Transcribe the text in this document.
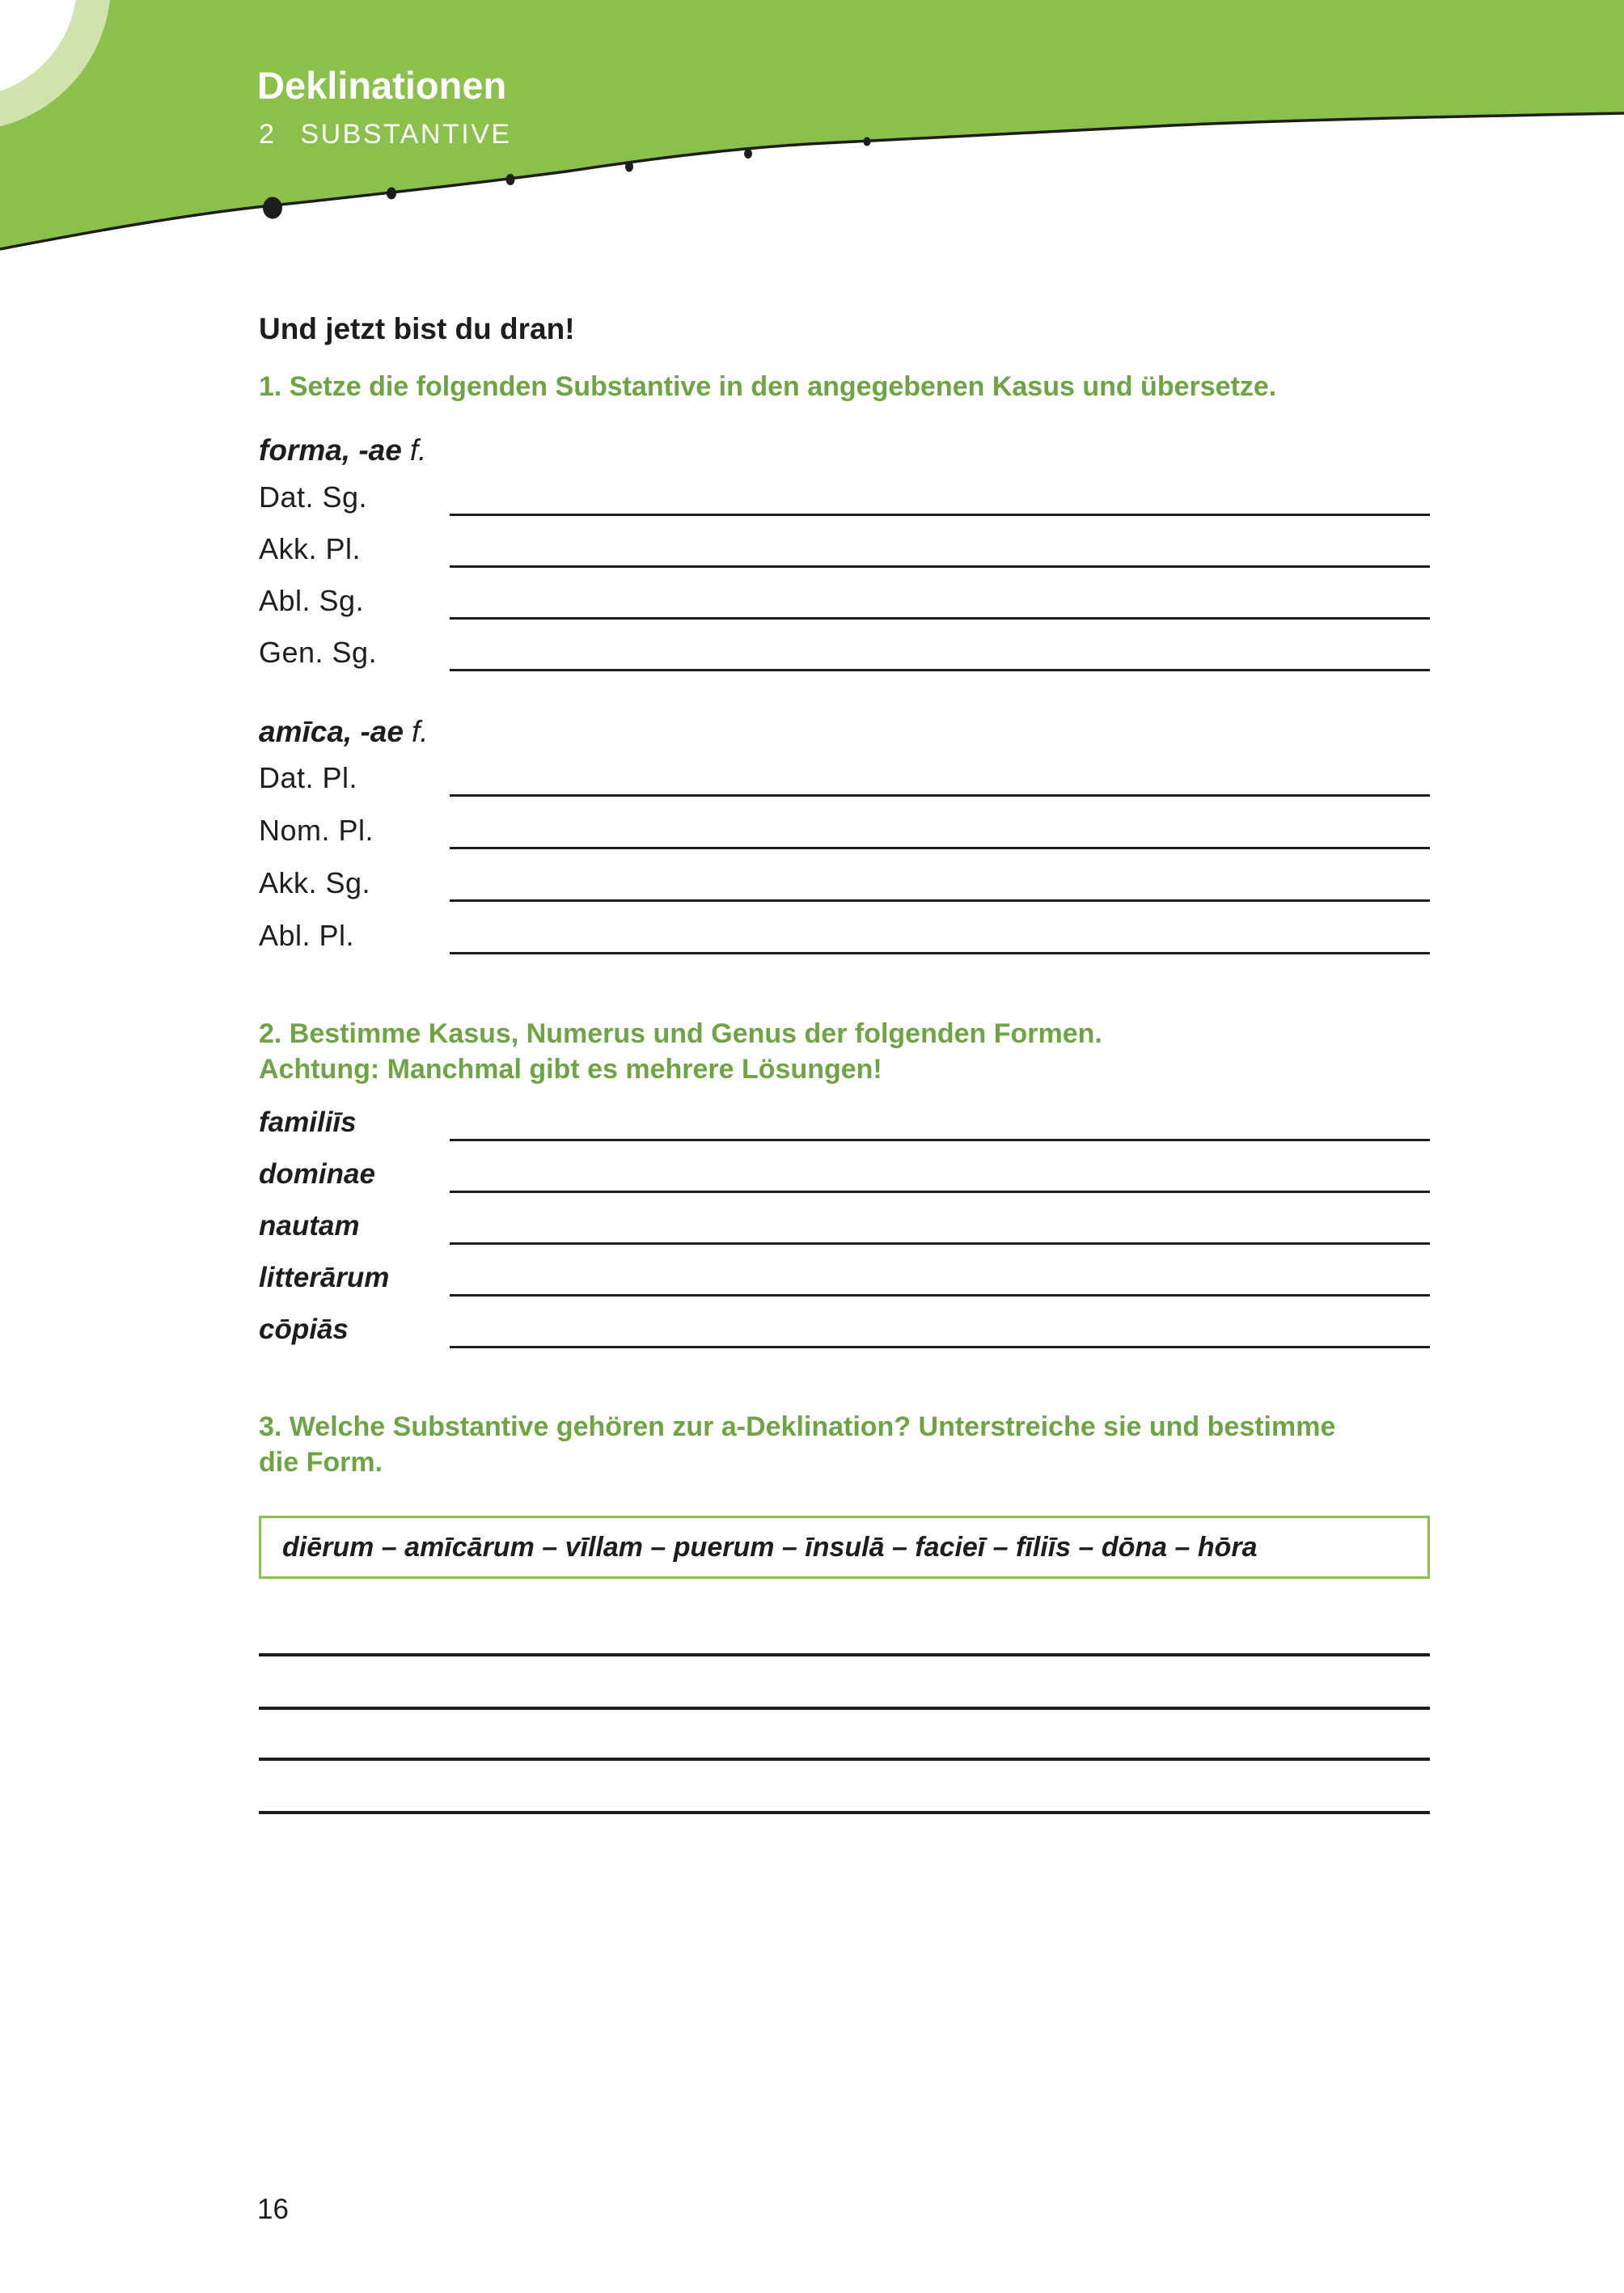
Deklinationen
2 SUBSTANTIVE
Und jetzt bist du dran!
1. Setze die folgenden Substantive in den angegebenen Kasus und übersetze.
forma, -ae f.
Dat. Sg.
Akk. Pl.
Abl. Sg.
Gen. Sg.
amīca, -ae f.
Dat. Pl.
Nom. Pl.
Akk. Sg.
Abl. Pl.
2. Bestimme Kasus, Numerus und Genus der folgenden Formen.
Achtung: Manchmal gibt es mehrere Lösungen!
familiīs
dominae
nautam
litterārum
cōpiās
3. Welche Substantive gehören zur a-Deklination? Unterstreiche sie und bestimme
die Form.
diērum – amīcārum – vīllam – puerum – īnsulā – facieī – fīliīs – dōna – hōra
16
